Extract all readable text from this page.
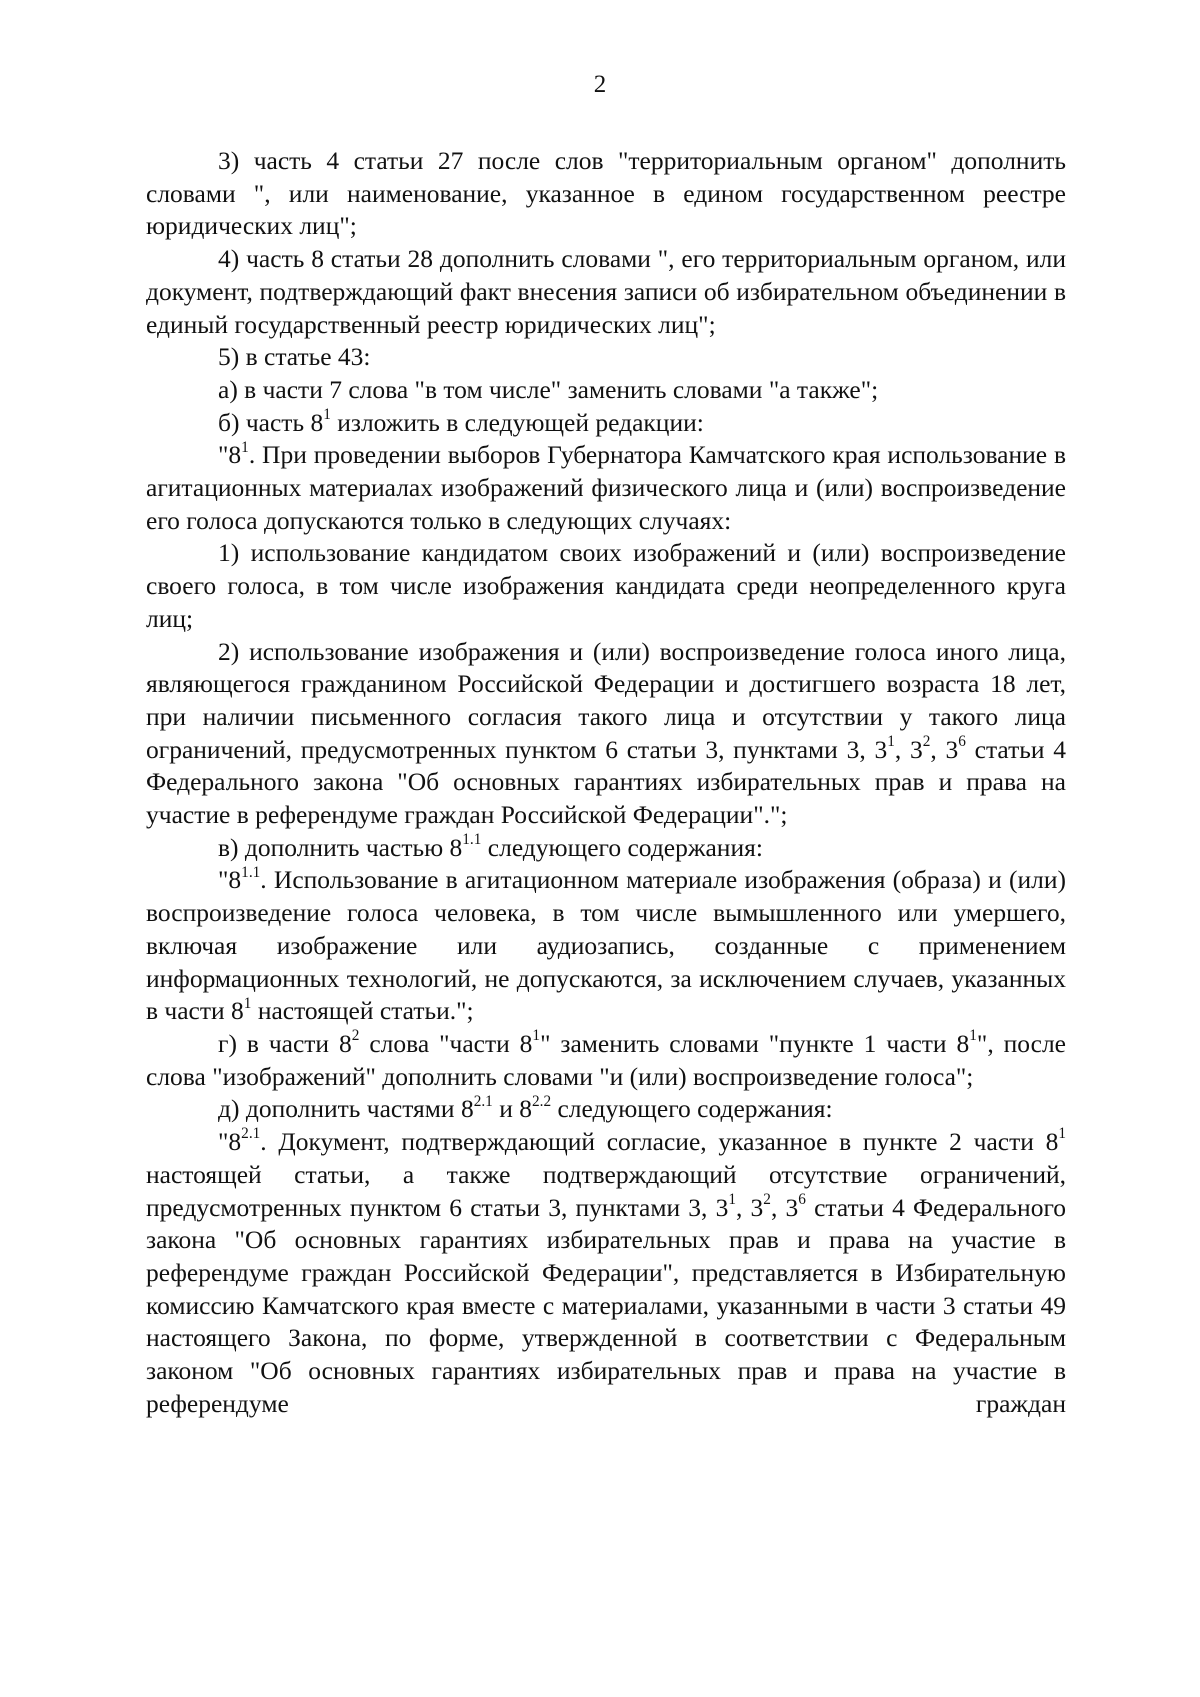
2

3) часть 4 статьи 27 после слов "территориальным органом" дополнить словами ", или наименование, указанное в едином государственном реестре юридических лиц";

4) часть 8 статьи 28 дополнить словами ", его территориальным органом, или документ, подтверждающий факт внесения записи об избирательном объединении в единый государственный реестр юридических лиц";

5) в статье 43:

а) в части 7 слова "в том числе" заменить словами "а также";

б) часть $8^1$ изложить в следующей редакции:

"$8^1$. При проведении выборов Губернатора Камчатского края использование в агитационных материалах изображений физического лица и (или) воспроизведение его голоса допускаются только в следующих случаях:

1) использование кандидатом своих изображений и (или) воспроизведение своего голоса, в том числе изображения кандидата среди неопределенного круга лиц;

2) использование изображения и (или) воспроизведение голоса иного лица, являющегося гражданином Российской Федерации и достигшего возраста 18 лет, при наличии письменного согласия такого лица и отсутствии у такого лица ограничений, предусмотренных пунктом 6 статьи 3, пунктами 3, $3^1$, $3^2$, $3^6$ статьи 4 Федерального закона "Об основных гарантиях избирательных прав и права на участие в референдуме граждан Российской Федерации".";

в) дополнить частью $8^{1.1}$ следующего содержания:

"$8^{1.1}$. Использование в агитационном материале изображения (образа) и (или) воспроизведение голоса человека, в том числе вымышленного или умершего, включая изображение или аудиозапись, созданные с применением информационных технологий, не допускаются, за исключением случаев, указанных в части $8^1$ настоящей статьи.";

г) в части $8^2$ слова "части $8^1$" заменить словами "пункте 1 части $8^1$", после слова "изображений" дополнить словами "и (или) воспроизведение голоса";

д) дополнить частями $8^{2.1}$ и $8^{2.2}$ следующего содержания:

"$8^{2.1}$. Документ, подтверждающий согласие, указанное в пункте 2 части $8^1$ настоящей статьи, а также подтверждающий отсутствие ограничений, предусмотренных пунктом 6 статьи 3, пунктами 3, $3^1$, $3^2$, $3^6$ статьи 4 Федерального закона "Об основных гарантиях избирательных прав и права на участие в референдуме граждан Российской Федерации", представляется в Избирательную комиссию Камчатского края вместе с материалами, указанными в части 3 статьи 49 настоящего Закона, по форме, утвержденной в соответствии с Федеральным законом "Об основных гарантиях избирательных прав и права на участие в референдуме граждан
